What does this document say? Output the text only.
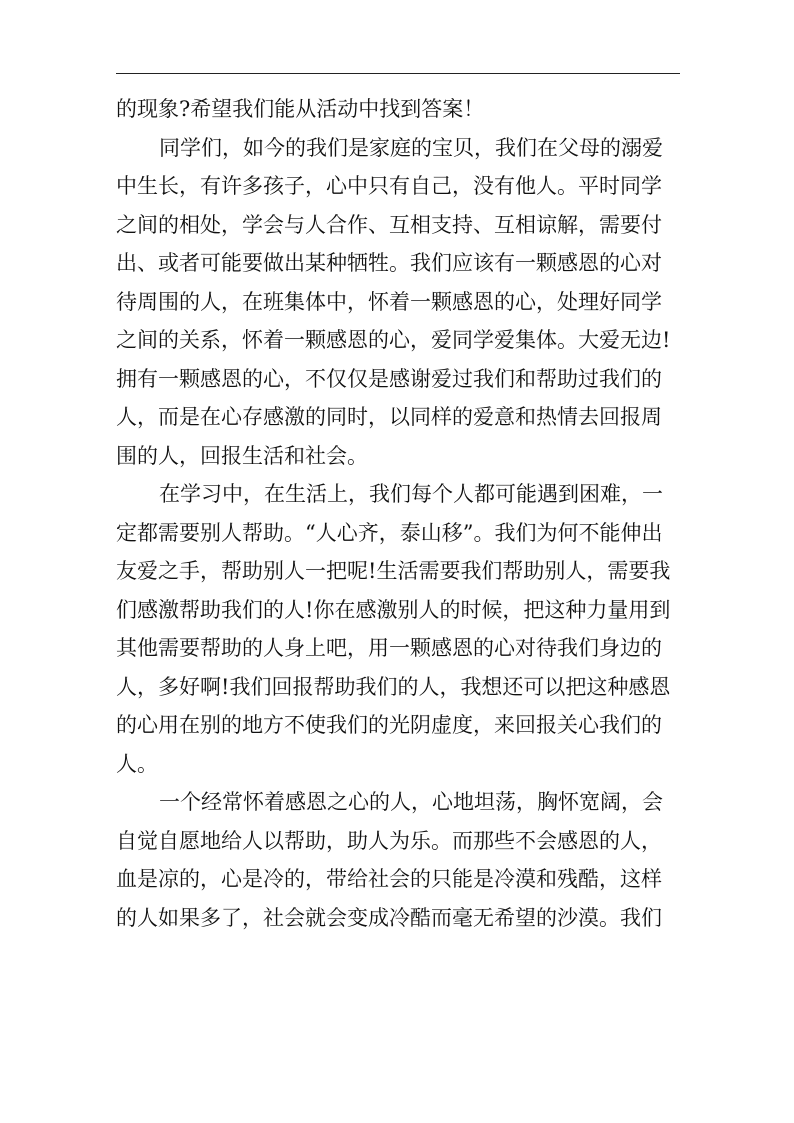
的现象?希望我们能从活动中找到答案！
同学们，如今的我们是家庭的宝贝，我们在父母的溺爱
中生长，有许多孩子，心中只有自己，没有他人。平时同学
之间的相处，学会与人合作、互相支持、互相谅解，需要付
出、或者可能要做出某种牺牲。我们应该有一颗感恩的心对
待周围的人，在班集体中，怀着一颗感恩的心，处理好同学
之间的关系，怀着一颗感恩的心，爱同学爱集体。大爱无边!
拥有一颗感恩的心，不仅仅是感谢爱过我们和帮助过我们的
人，而是在心存感激的同时，以同样的爱意和热情去回报周
围的人，回报生活和社会。
在学习中，在生活上，我们每个人都可能遇到困难，一
定都需要别人帮助。“人心齐，泰山移”。我们为何不能伸出
友爱之手，帮助别人一把呢!生活需要我们帮助别人，需要我
们感激帮助我们的人!你在感激别人的时候，把这种力量用到
其他需要帮助的人身上吧，用一颗感恩的心对待我们身边的
人，多好啊!我们回报帮助我们的人，我想还可以把这种感恩
的心用在别的地方不使我们的光阴虚度，来回报关心我们的
人。
一个经常怀着感恩之心的人，心地坦荡，胸怀宽阔，会
自觉自愿地给人以帮助，助人为乐。而那些不会感恩的人，
血是凉的，心是冷的，带给社会的只能是冷漠和残酷，这样
的人如果多了，社会就会变成冷酷而毫无希望的沙漠。我们
